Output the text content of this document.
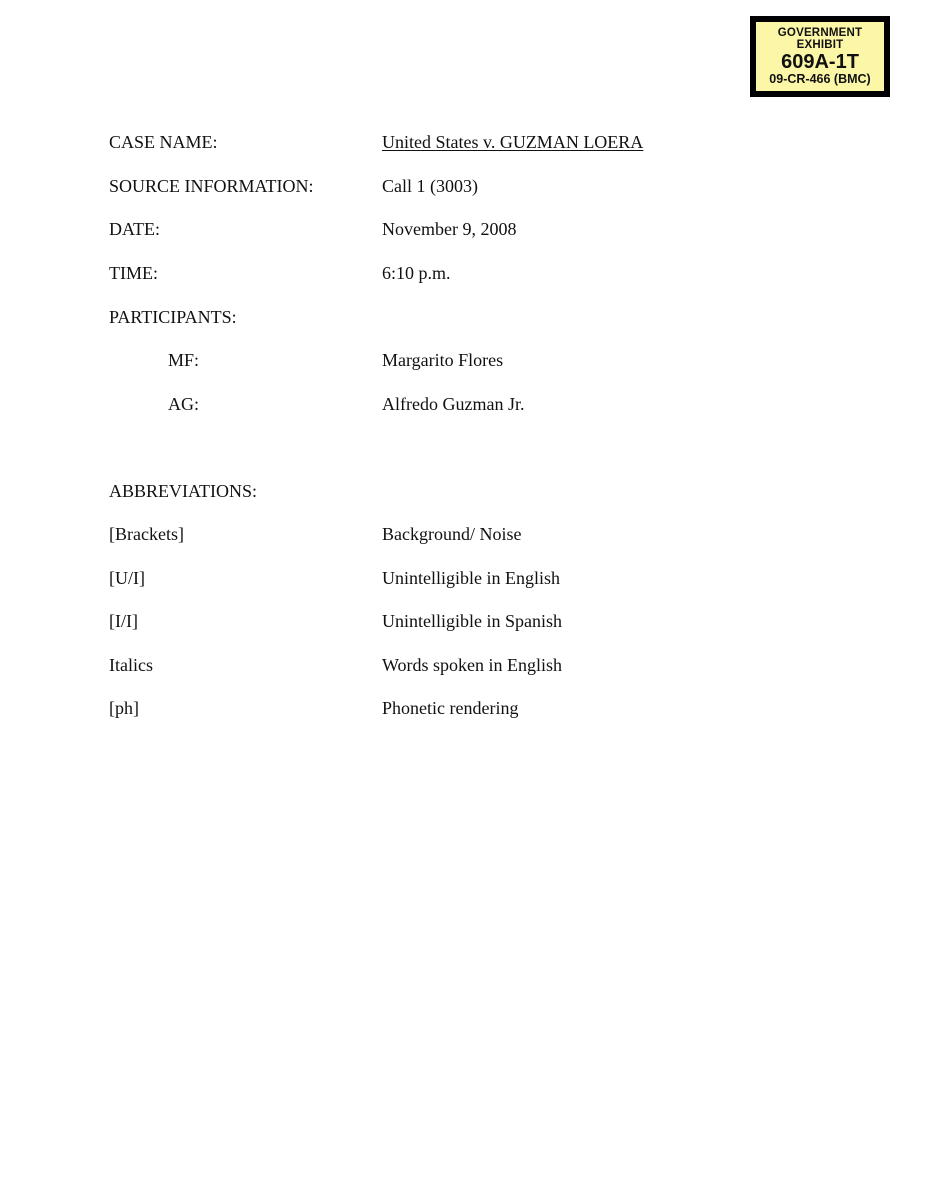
GOVERNMENT
EXHIBIT
609A-1T
09-CR-466 (BMC)
CASE NAME:	United States v. GUZMAN LOERA
SOURCE INFORMATION:	Call 1 (3003)
DATE:	November 9, 2008
TIME:	6:10 p.m.
PARTICIPANTS:
MF:	Margarito Flores
AG:	Alfredo Guzman Jr.
ABBREVIATIONS:
[Brackets]	Background/ Noise
[U/I]	Unintelligible in English
[I/I]	Unintelligible in Spanish
Italics	Words spoken in English
[ph]	Phonetic rendering
